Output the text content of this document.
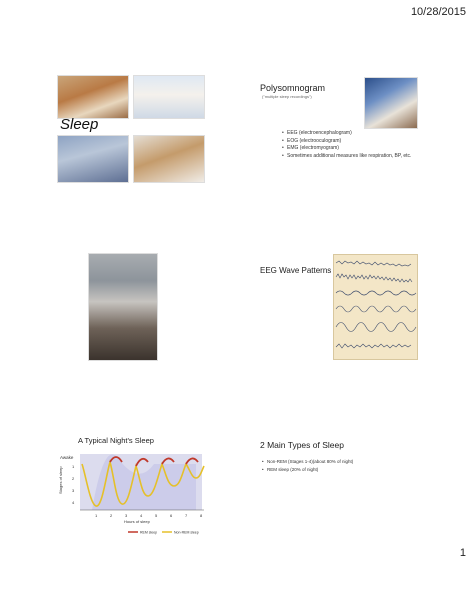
10/28/2015
Sleep
Polysomnogram
("multiple sleep recordings")
• EEG (electroencephalogram)
• EOG (electrooculogram)
• EMG (electromyogram)
• Sometimes additional measures like respiration, BP, etc.
EEG Wave Patterns
A Typical Night's Sleep
Awake
Stages of sleep 1
2
3
4
1	2	3	4	5	6	7	8
Hours of sleep
REM sleep	Non-REM sleep
2 Main Types of Sleep
• Non-REM (Stages 1-4)(about 80% of night)
• REM sleep (20% of night)
1
